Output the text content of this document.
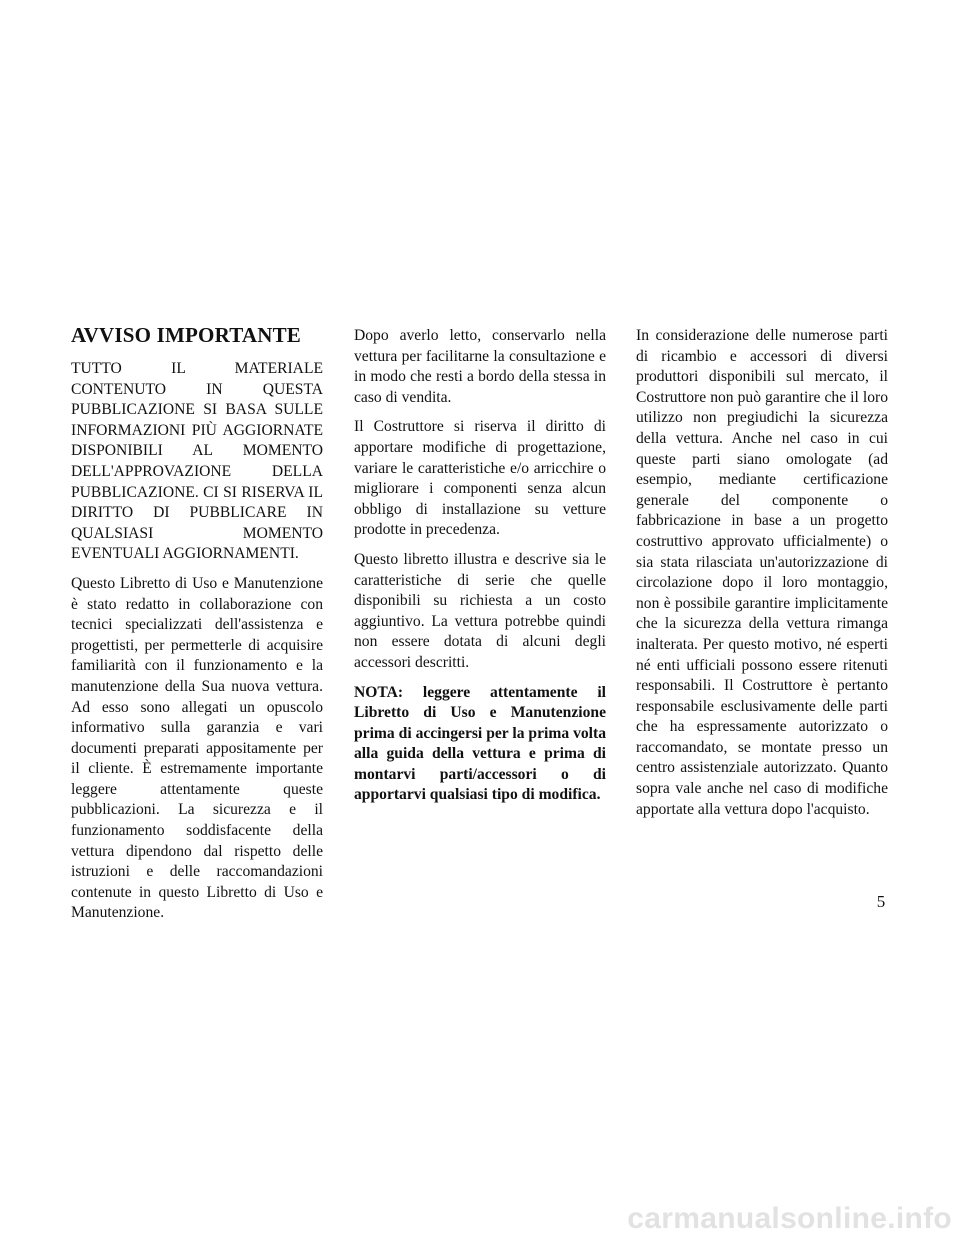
AVVISO IMPORTANTE

TUTTO IL MATERIALE CONTENUTO IN QUESTA PUBBLICAZIONE SI BASA SULLE INFORMAZIONI PIÙ AGGIORNATE DISPONIBILI AL MOMENTO DELL'APPROVAZIONE DELLA PUBBLICAZIONE. CI SI RISERVA IL DIRITTO DI PUBBLICARE IN QUALSIASI MOMENTO EVENTUALI AGGIORNAMENTI.

Questo Libretto di Uso e Manutenzione è stato redatto in collaborazione con tecnici specializzati dell'assistenza e progettisti, per permetterle di acquisire familiarità con il funzionamento e la manutenzione della Sua nuova vettura. Ad esso sono allegati un opuscolo informativo sulla garanzia e vari documenti preparati appositamente per il cliente. È estremamente importante leggere attentamente queste pubblicazioni. La sicurezza e il funzionamento soddisfacente della vettura dipendono dal rispetto delle istruzioni e delle raccomandazioni contenute in questo Libretto di Uso e Manutenzione.

Dopo averlo letto, conservarlo nella vettura per facilitarne la consultazione e in modo che resti a bordo della stessa in caso di vendita.

Il Costruttore si riserva il diritto di apportare modifiche di progettazione, variare le caratteristiche e/o arricchire o migliorare i componenti senza alcun obbligo di installazione su vetture prodotte in precedenza.

Questo libretto illustra e descrive sia le caratteristiche di serie che quelle disponibili su richiesta a un costo aggiuntivo. La vettura potrebbe quindi non essere dotata di alcuni degli accessori descritti.

NOTA: leggere attentamente il Libretto di Uso e Manutenzione prima di accingersi per la prima volta alla guida della vettura e prima di montarvi parti/accessori o di apportarvi qualsiasi tipo di modifica.

In considerazione delle numerose parti di ricambio e accessori di diversi produttori disponibili sul mercato, il Costruttore non può garantire che il loro utilizzo non pregiudichi la sicurezza della vettura. Anche nel caso in cui queste parti siano omologate (ad esempio, mediante certificazione generale del componente o fabbricazione in base a un progetto costruttivo approvato ufficialmente) o sia stata rilasciata un'autorizzazione di circolazione dopo il loro montaggio, non è possibile garantire implicitamente che la sicurezza della vettura rimanga inalterata. Per questo motivo, né esperti né enti ufficiali possono essere ritenuti responsabili. Il Costruttore è pertanto responsabile esclusivamente delle parti che ha espressamente autorizzato o raccomandato, se montate presso un centro assistenziale autorizzato. Quanto sopra vale anche nel caso di modifiche apportate alla vettura dopo l'acquisto.

5
carmanualsonline.info
